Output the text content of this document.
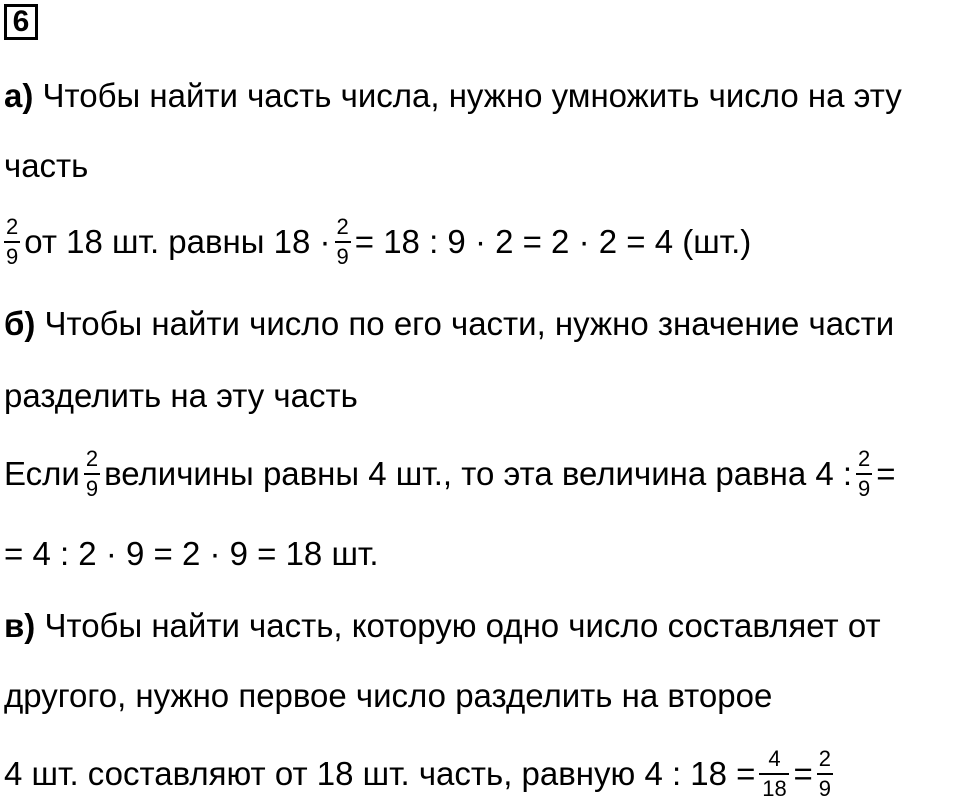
6
а) Чтобы найти часть числа, нужно умножить число на эту
часть
$\frac{2}{9}$ от 18 шт. равны $18 \cdot \frac{2}{9} = 18$ : 9 · 2 = 2 · 2 = 4 (шт.)
б) Чтобы найти число по его части, нужно значение части
разделить на эту часть
Если $\frac{2}{9}$ величины равны 4 шт., то эта величина равна 4 : $\frac{2}{9}$ =
= 4 : 2 · 9 = 2 · 9 = 18 шт.
в) Чтобы найти часть, которую одно число составляет от
другого, нужно первое число разделить на второе
4 шт. составляют от 18 шт. часть, равную 4 : $18 = \frac{4}{18} = \frac{2}{9}$
